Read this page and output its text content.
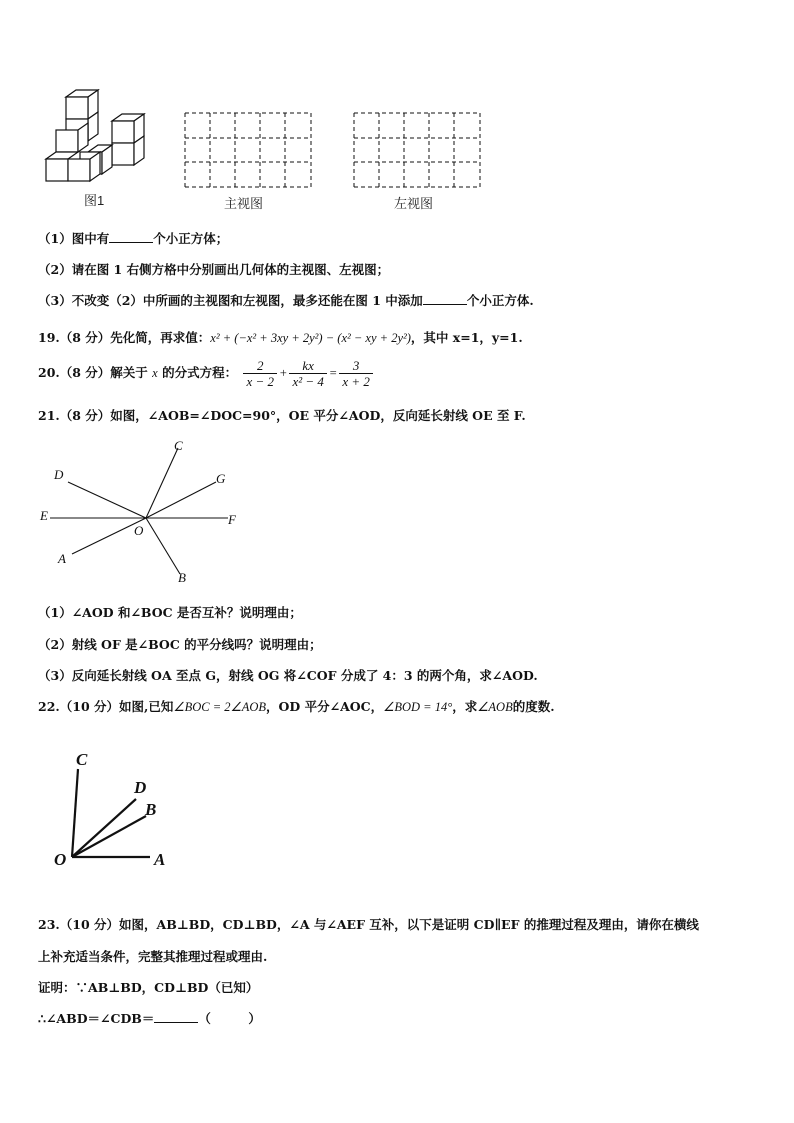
图1	主视图	左视图
（1）图中有	个小正方体；
（2）请在图 1 右侧方格中分别画出几何体的主视图、左视图；
（3）不改变（2）中所画的主视图和左视图，最多还能在图 1 中添加	个小正方体.
19.（8 分）先化简，再求值：x² + (−x² + 3xy + 2y²) − (x² − xy + 2y²)，其中 x=1，y=1.
20.（8 分）解关于 x 的分式方程： $\frac{2}{x - 2} + \frac{kx}{\text{x² − 4}} = \frac{3}{x + 2}$
21.（8 分）如图，∠AOB=∠DOC=90°，OE 平分∠AOD，反向延长射线 OE 至 F.
C
D	G
E	F
O
A
B
（1）∠AOD 和∠BOC 是否互补？说明理由；
（2）射线 OF 是∠BOC 的平分线吗？说明理由；
（3）反向延长射线 OA 至点 G，射线 OG 将∠COF 分成了 4：3 的两个角，求∠AOD.
22.（10 分）如图,已知∠BOC = 2∠AOB，OD 平分∠AOC，∠BOD = 14°，求∠AOB的度数.
C
D
B
O	A
23.（10 分）如图，AB⊥BD，CD⊥BD，∠A 与∠AEF 互补，以下是证明 CD∥EF 的推理过程及理由，请你在横线
上补充适当条件，完整其推理过程或理由.
证明：∵AB⊥BD，CD⊥BD（已知）
∴∠ABD＝∠CDB＝	（　　　）
